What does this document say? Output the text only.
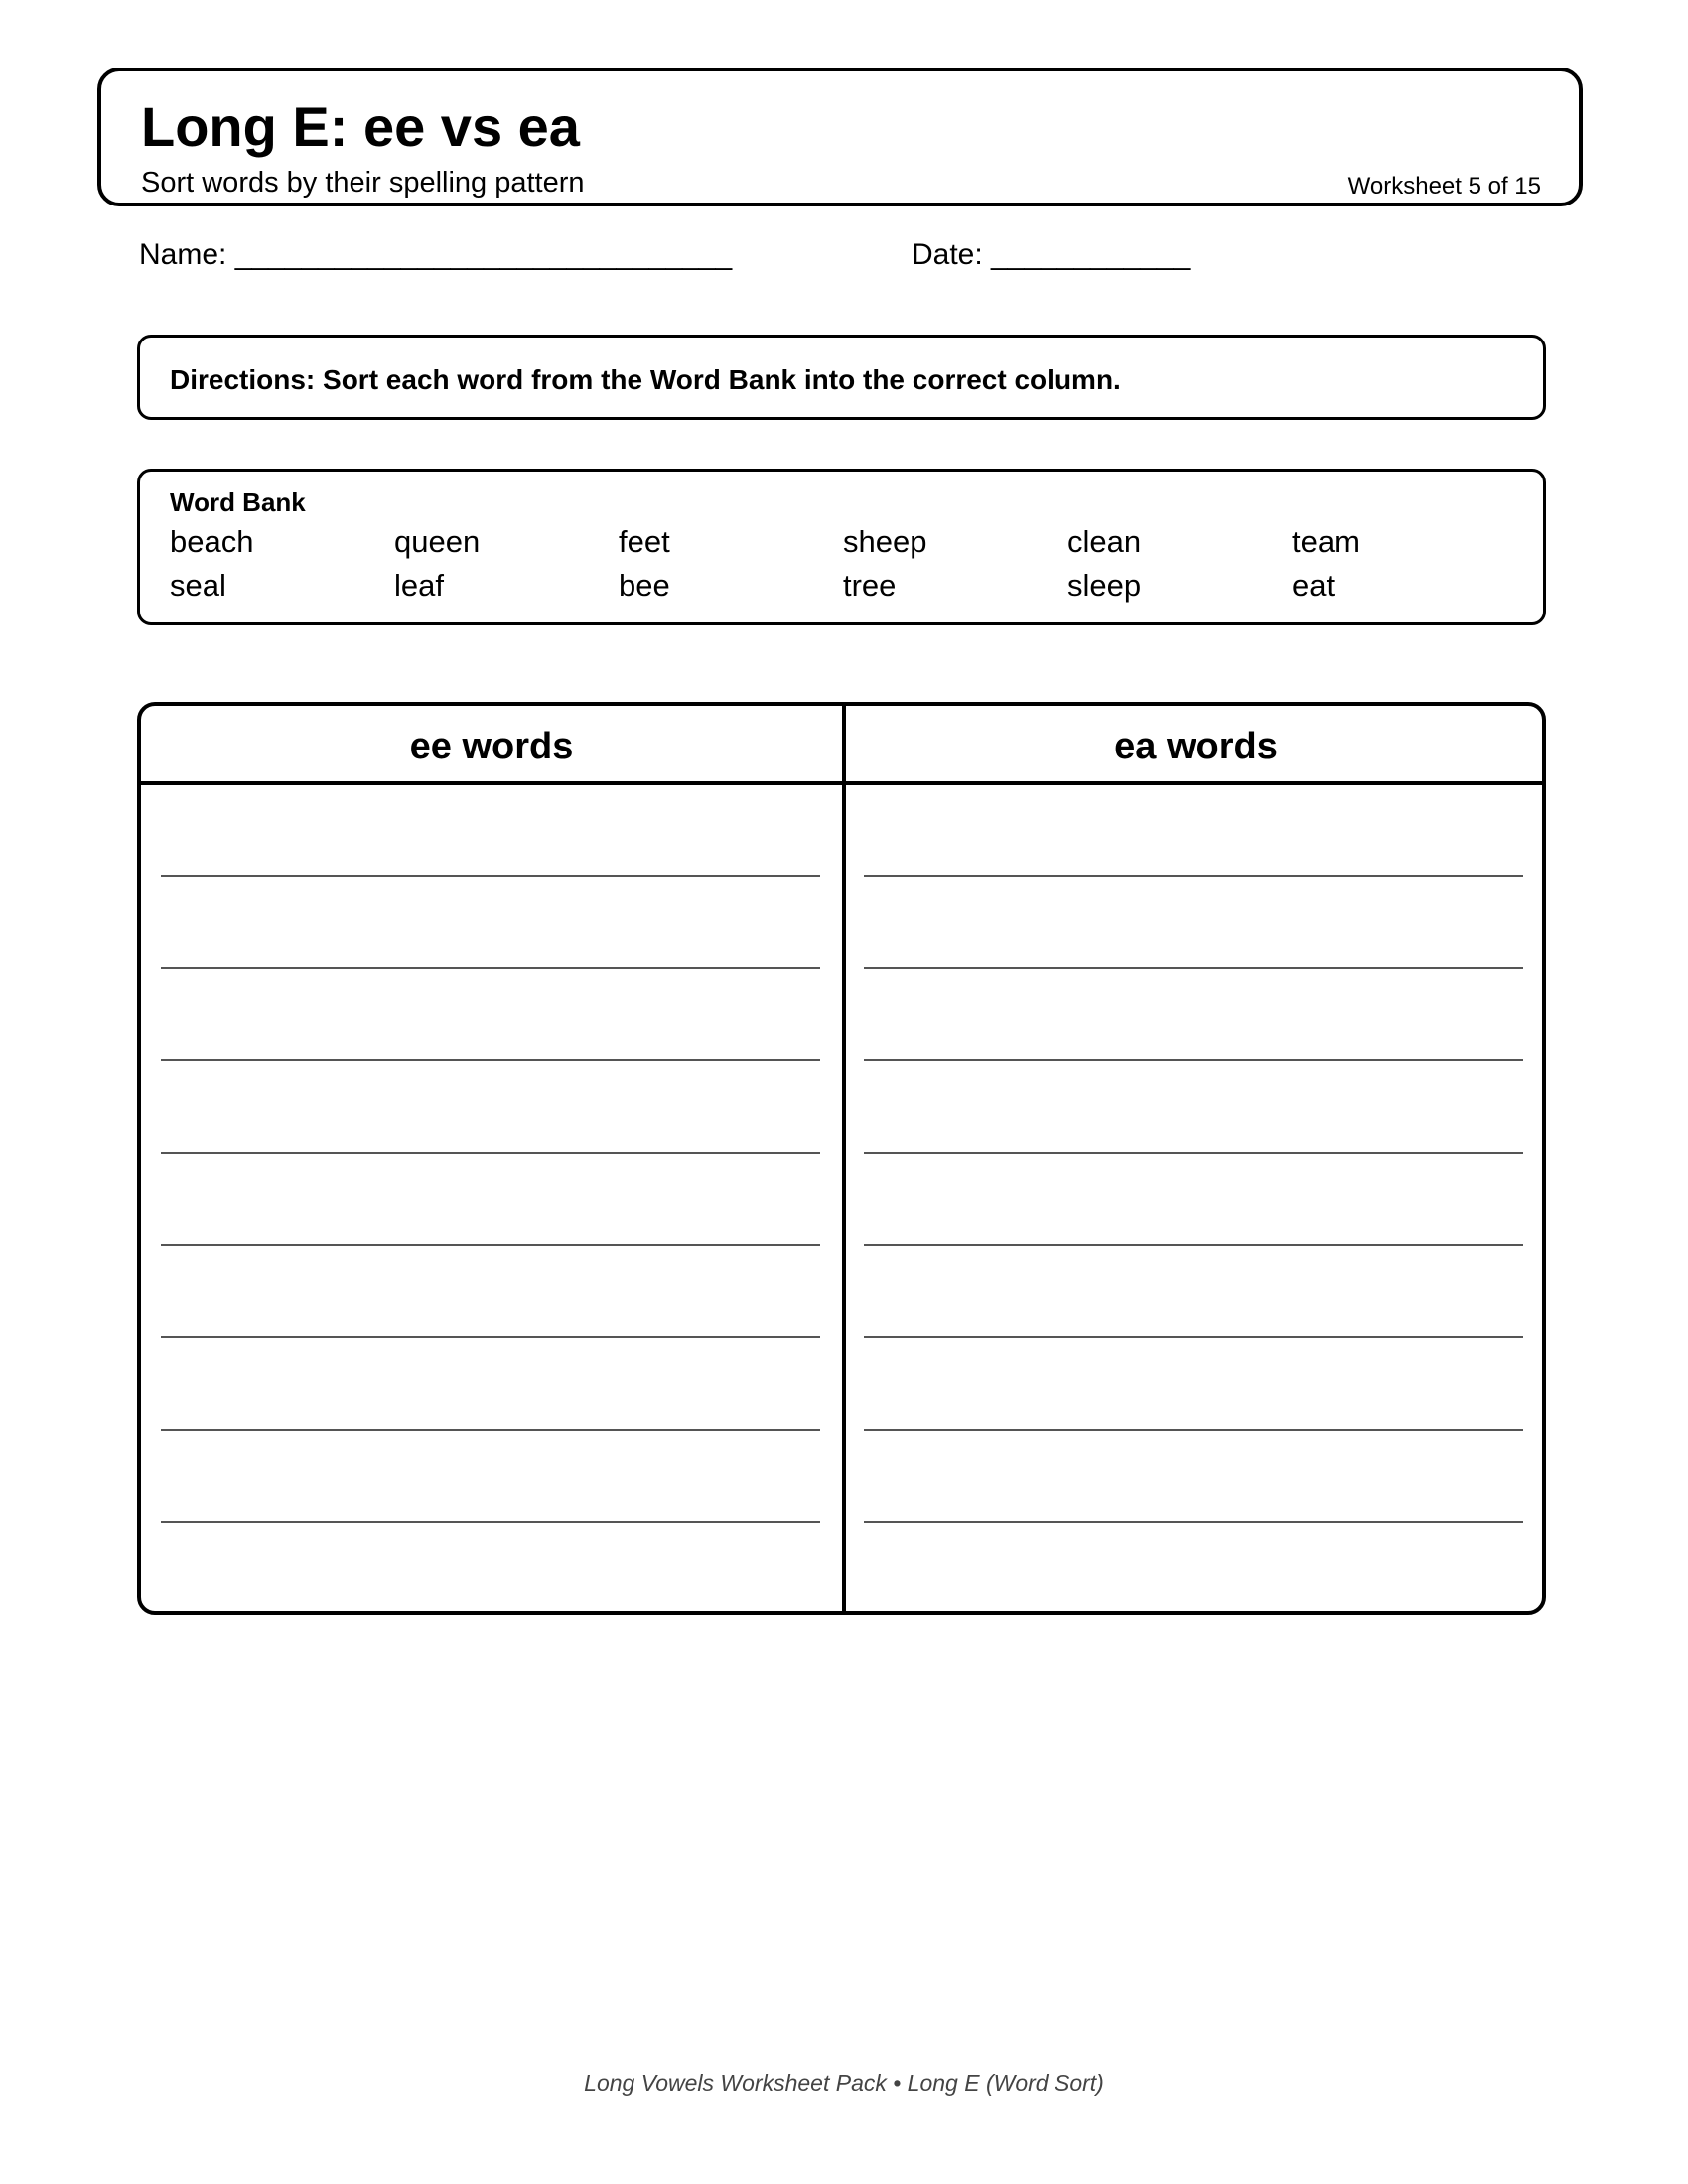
Long E: ee vs ea
Sort words by their spelling pattern	Worksheet 5 of 15
Name: ______________________________	Date: ____________
Directions: Sort each word from the Word Bank into the correct column.
Word Bank
beach	queen	feet	sheep	clean	team
seal	leaf	bee	tree	sleep	eat
ee words	ea words
Long Vowels Worksheet Pack • Long E (Word Sort)
